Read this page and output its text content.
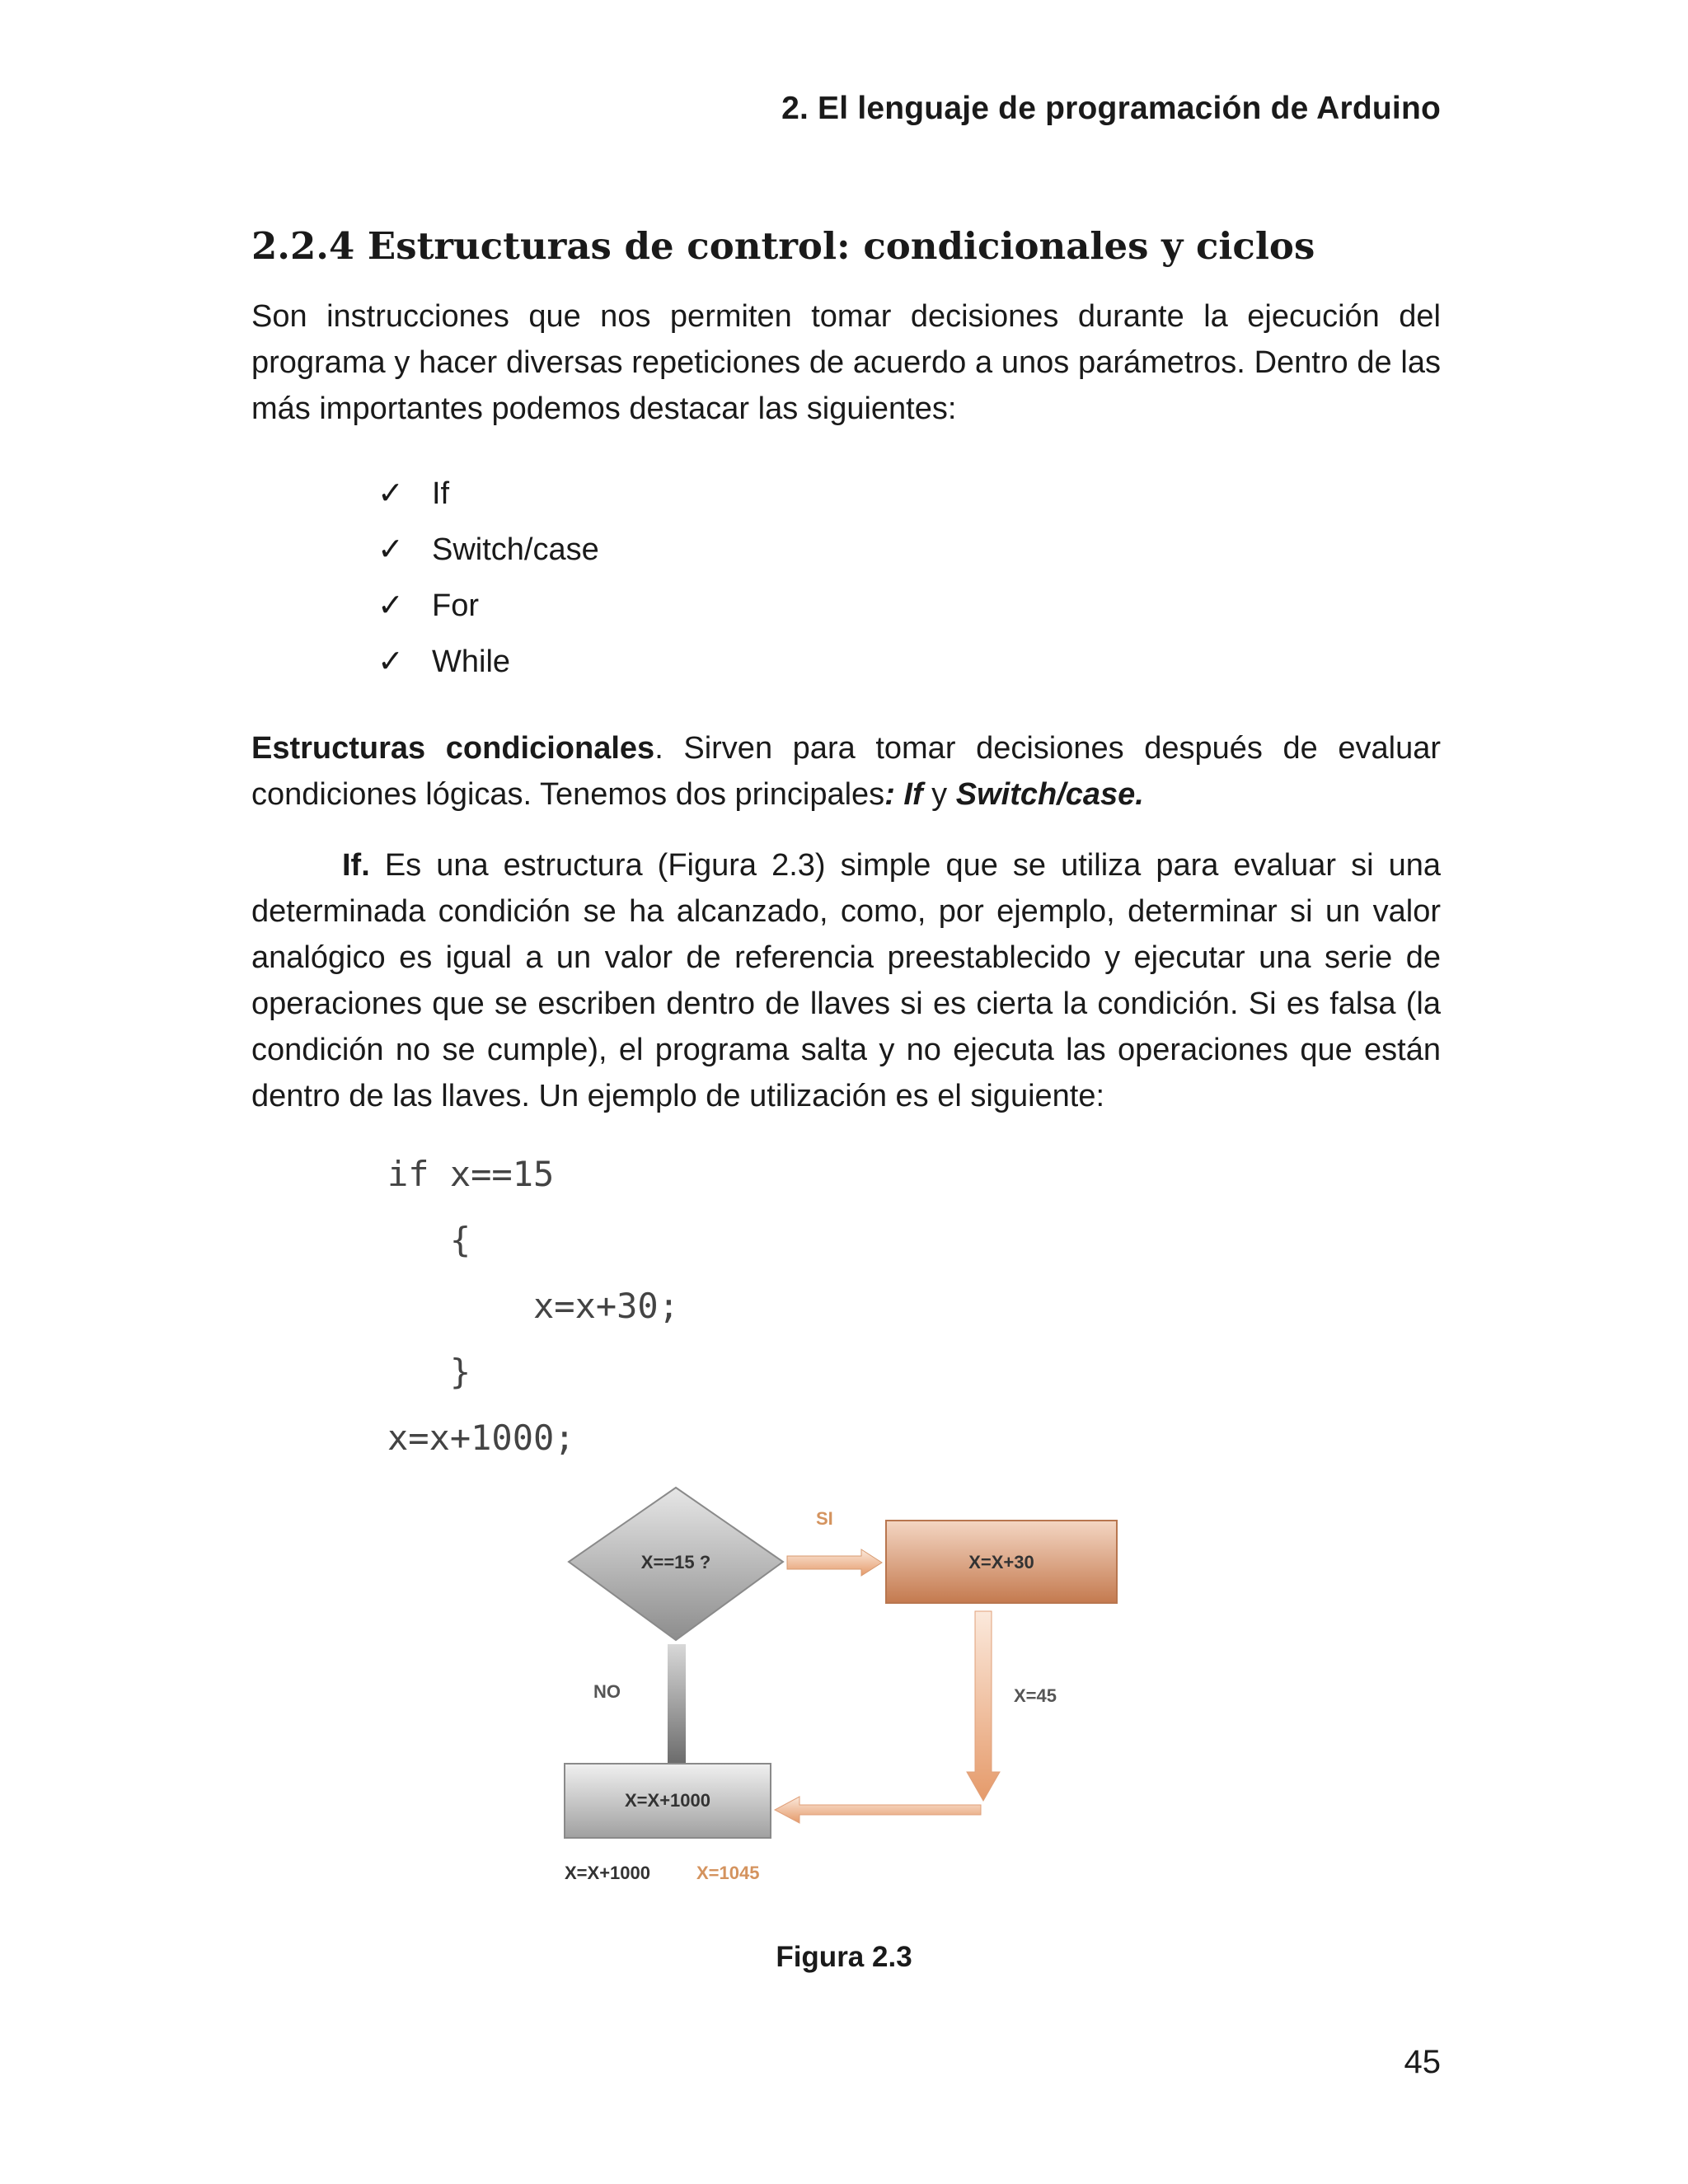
2. El lenguaje de programación de Arduino
2.2.4 Estructuras de control: condicionales y ciclos

Son instrucciones que nos permiten tomar decisiones durante la ejecución del programa y hacer diversas repeticiones de acuerdo a unos parámetros. Dentro de las más importantes podemos destacar las siguientes:

✓ If
✓ Switch/case
✓ For
✓ While

Estructuras condicionales. Sirven para tomar decisiones después de evaluar condiciones lógicas. Tenemos dos principales: If y Switch/case.

If. Es una estructura (Figura 2.3) simple que se utiliza para evaluar si una determinada condición se ha alcanzado, como, por ejemplo, determinar si un valor analógico es igual a un valor de referencia preestablecido y ejecutar una serie de operaciones que se escriben dentro de llaves si es cierta la condición. Si es falsa (la condición no se cumple), el programa salta y no ejecuta las operaciones que están dentro de las llaves. Un ejemplo de utilización es el siguiente:

if x==15
{
x=x+30;
}
x=x+1000;
X==15 ?
SI
X=X+30
NO	X=45
X=X+1000
X=X+1000	X=1045
Figura 2.3
45
